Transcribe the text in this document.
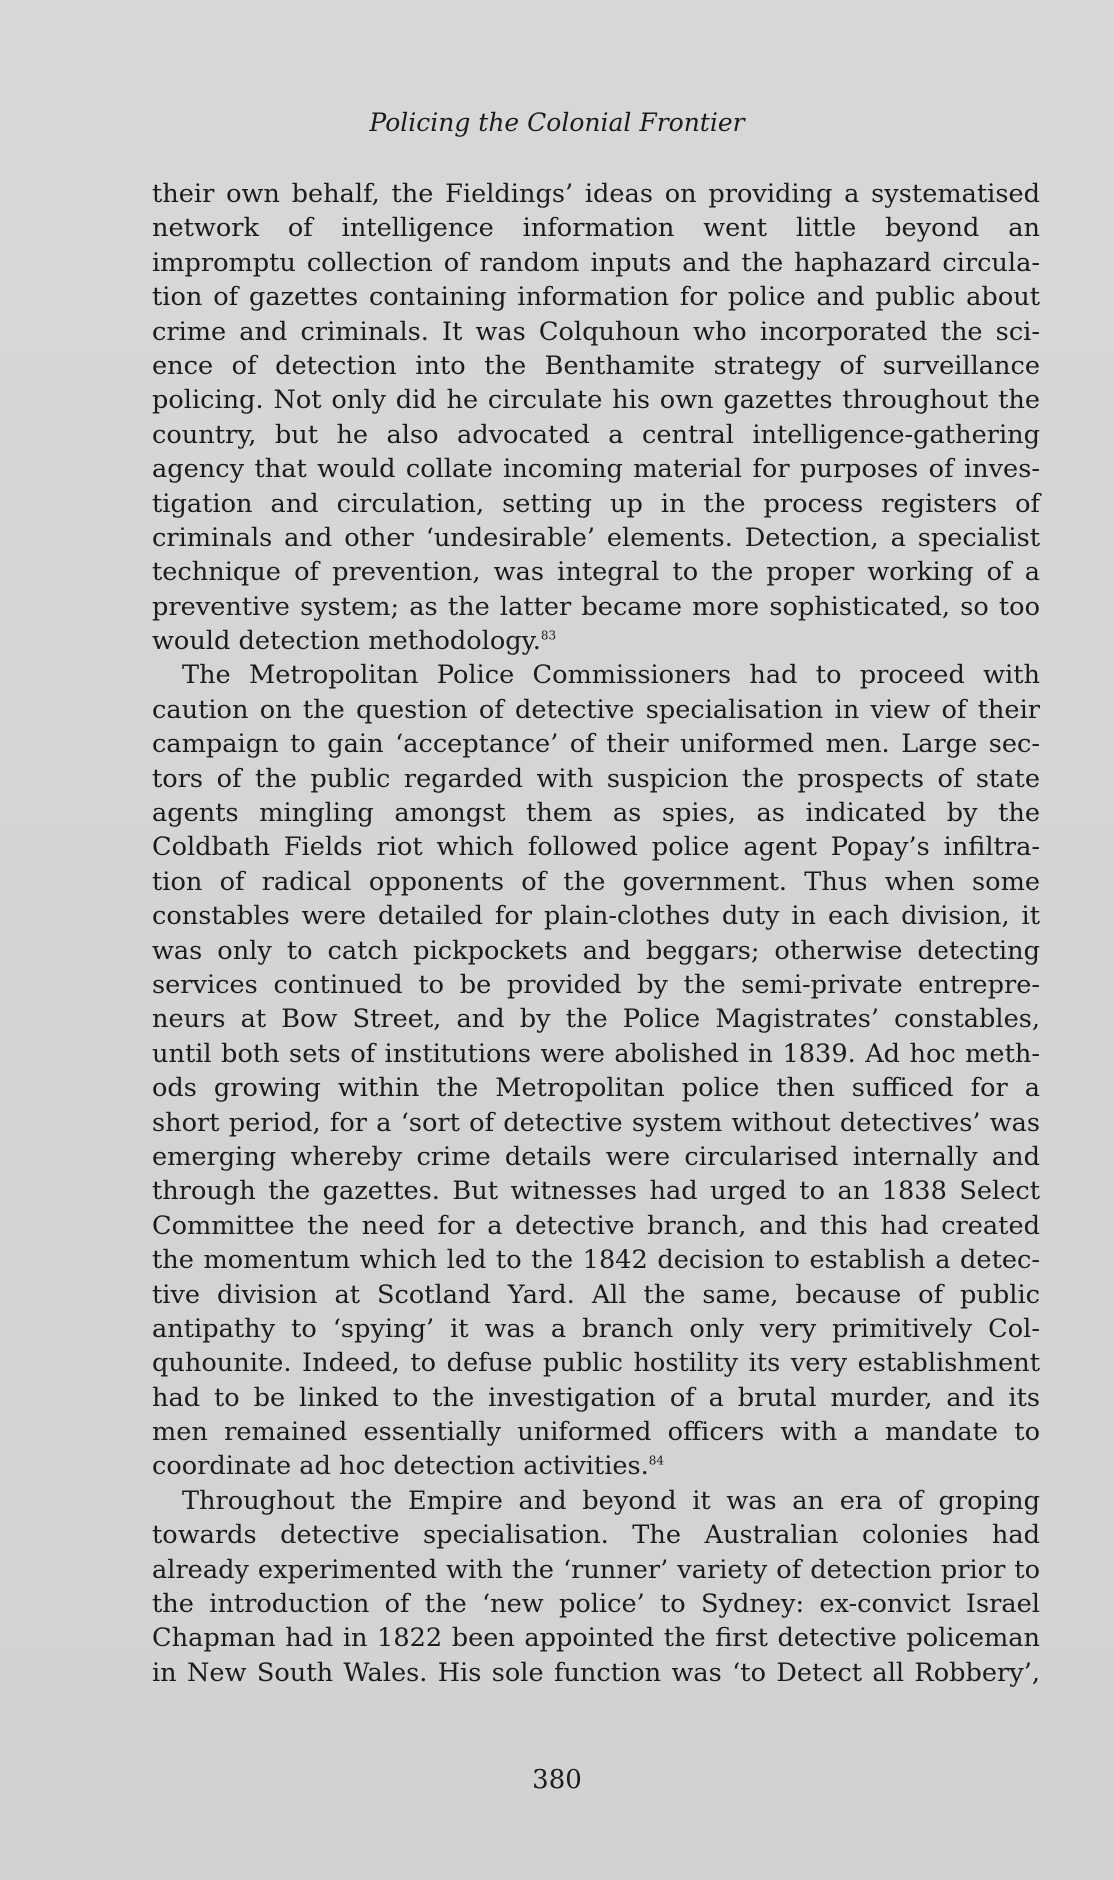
Policing the Colonial Frontier
their own behalf, the Fieldings’ ideas on providing a systematised
network of intelligence information went little beyond an
impromptu collection of random inputs and the haphazard circula-
tion of gazettes containing information for police and public about
crime and criminals. It was Colquhoun who incorporated the sci-
ence of detection into the Benthamite strategy of surveillance
policing. Not only did he circulate his own gazettes throughout the
country, but he also advocated a central intelligence-gathering
agency that would collate incoming material for purposes of inves-
tigation and circulation, setting up in the process registers of
criminals and other ‘undesirable’ elements. Detection, a specialist
technique of prevention, was integral to the proper working of a
preventive system; as the latter became more sophisticated, so too
would detection methodology.$^{83}$
The Metropolitan Police Commissioners had to proceed with
caution on the question of detective specialisation in view of their
campaign to gain ‘acceptance’ of their uniformed men. Large sec-
tors of the public regarded with suspicion the prospects of state
agents mingling amongst them as spies, as indicated by the
Coldbath Fields riot which followed police agent Popay’s infiltra-
tion of radical opponents of the government. Thus when some
constables were detailed for plain-clothes duty in each division, it
was only to catch pickpockets and beggars; otherwise detecting
services continued to be provided by the semi-private entrepre-
neurs at Bow Street, and by the Police Magistrates’ constables,
until both sets of institutions were abolished in 1839. Ad hoc meth-
ods growing within the Metropolitan police then sufficed for a
short period, for a ‘sort of detective system without detectives’ was
emerging whereby crime details were circularised internally and
through the gazettes. But witnesses had urged to an 1838 Select
Committee the need for a detective branch, and this had created
the momentum which led to the 1842 decision to establish a detec-
tive division at Scotland Yard. All the same, because of public
antipathy to ‘spying’ it was a branch only very primitively Col-
quhounite. Indeed, to defuse public hostility its very establishment
had to be linked to the investigation of a brutal murder, and its
men remained essentially uniformed officers with a mandate to
coordinate ad hoc detection activities.$^{84}$
Throughout the Empire and beyond it was an era of groping
towards detective specialisation. The Australian colonies had
already experimented with the ‘runner’ variety of detection prior to
the introduction of the ‘new police’ to Sydney: ex-convict Israel
Chapman had in 1822 been appointed the first detective policeman
in New South Wales. His sole function was ‘to Detect all Robbery’,
380
